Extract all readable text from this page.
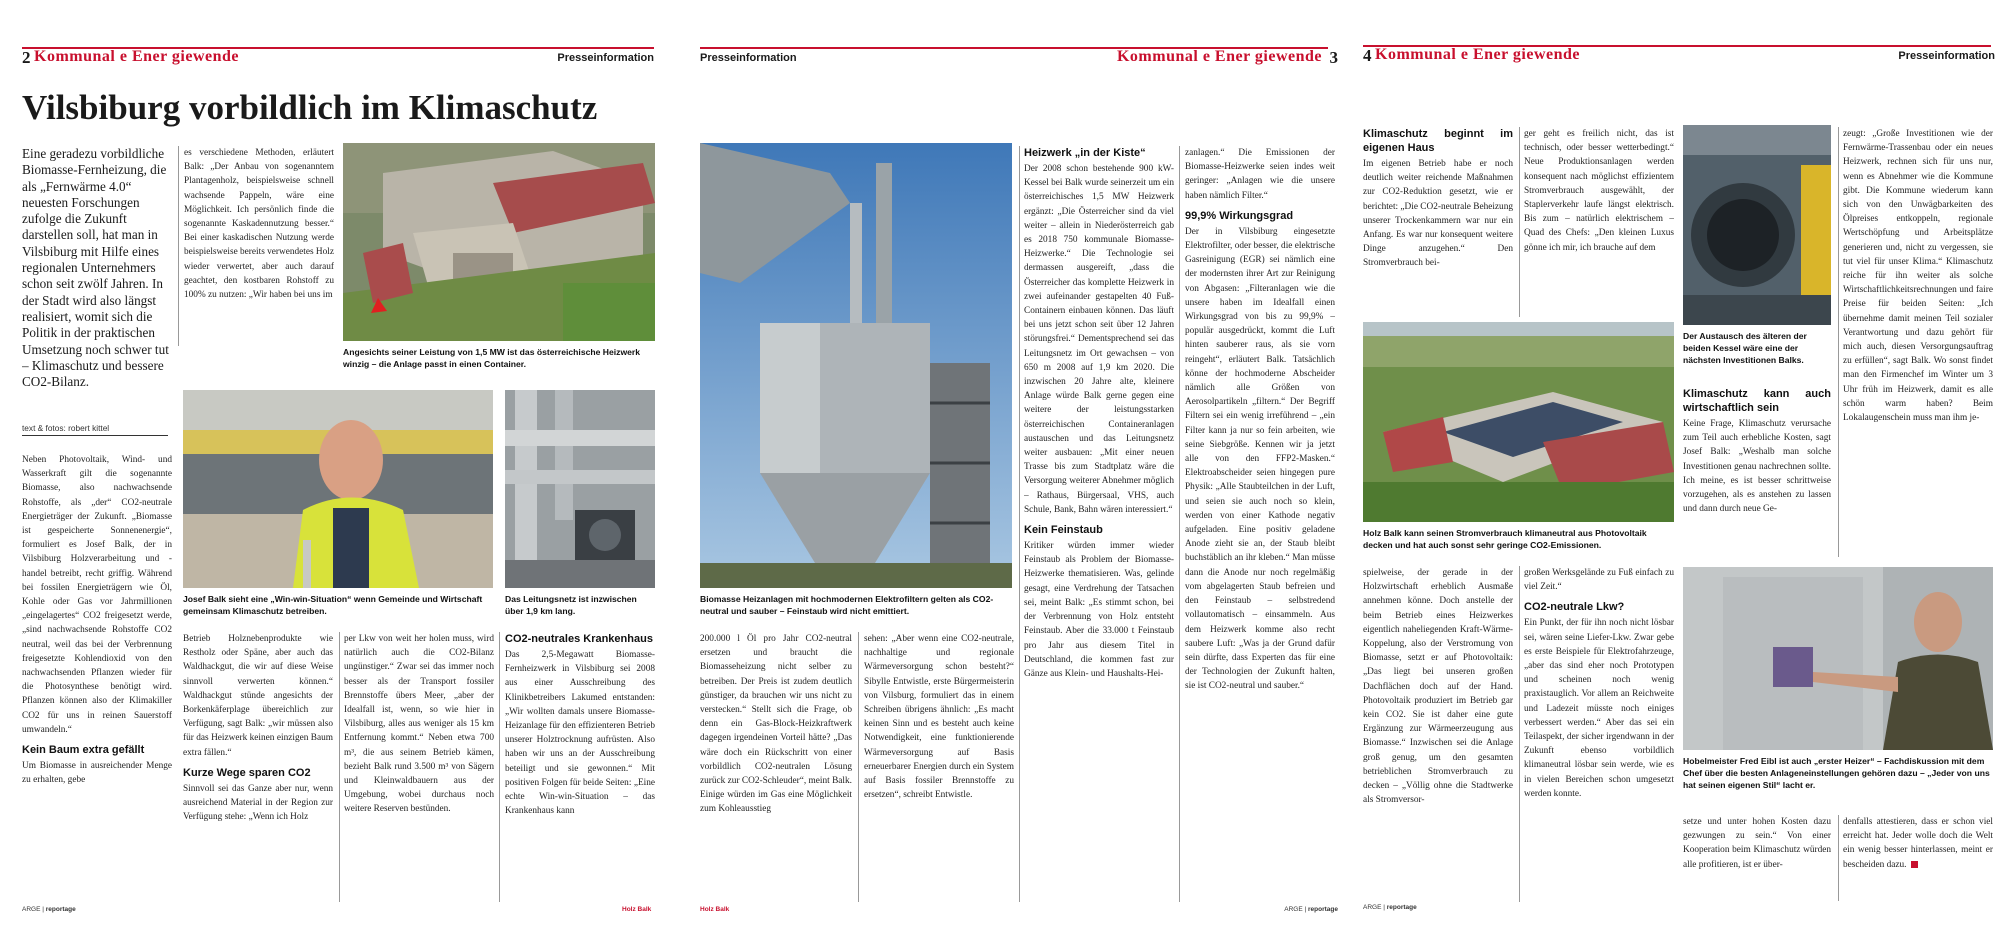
2 Kommunal e Ener giewende	Presseinformation
Vilsbiburg vorbildlich im Klimaschutz
Eine geradezu vorbildliche Biomasse-Fernheizung, die als „Fernwärme 4.0“ neuesten Forschungen zufolge die Zukunft darstellen soll, hat man in Vilsbiburg mit Hilfe eines regionalen Unternehmers schon seit zwölf Jahren. In der Stadt wird also längst realisiert, womit sich die Politik in der praktischen Umsetzung noch schwer tut – Klimaschutz und bessere CO2-Bilanz.
text & fotos: robert kittel

Neben Photovoltaik, Wind- und Wasserkraft gilt die sogenannte Biomasse, also nachwachsende Rohstoffe, als „der“ CO2-neutrale Energieträger der Zukunft. „Biomasse ist gespeicherte Sonnenenergie“, formuliert es Josef Balk, der in Vilsbiburg Holzverarbeitung und -handel betreibt, recht griffig. Während bei fossilen Energieträgern wie Öl, Kohle oder Gas vor Jahrmillionen „eingelagertes“ CO2 freigesetzt werde, „sind nachwachsende Rohstoffe CO2 neutral, weil das bei der Verbrennung freigesetzte Kohlendioxid von den nachwachsenden Pflanzen wieder für die Photosynthese benötigt wird. Pflanzen können also der Klimakiller CO2 für uns in reinen Sauerstoff umwandeln.“

Kein Baum extra gefällt

Um Biomasse in ausreichender Menge zu erhalten, gebe

es verschiedene Methoden, erläutert Balk: „Der Anbau von sogenanntem Plantagenholz, beispielsweise schnell wachsende Pappeln, wäre eine Möglichkeit. Ich persönlich finde die sogenannte Kaskadennutzung besser.“ Bei einer kaskadischen Nutzung werde beispielsweise bereits verwendetes Holz wieder verwertet, aber auch darauf geachtet, den kostbaren Rohstoff zu 100% zu nutzen: „Wir haben bei uns im

Angesichts seiner Leistung von 1,5 MW ist das österreichische Heizwerk winzig – die Anlage passt in einen Container.
Josef Balk sieht eine „Win-win-Situation“ wenn Gemeinde und Wirtschaft gemeinsam Klimaschutz betreiben.
Das Leitungsnetz ist inzwischen über 1,9 km lang.

Betrieb Holznebenprodukte wie Restholz oder Späne, aber auch das Waldhackgut, die wir auf diese Weise sinnvoll verwerten können.“ Waldhackgut stünde angesichts der Borkenkäferplage übereichlich zur Verfügung, sagt Balk: „wir müssen also für das Heizwerk keinen einzigen Baum extra fällen.“

Kurze Wege sparen CO2

Sinnvoll sei das Ganze aber nur, wenn ausreichend Material in der Region zur Verfügung stehe: „Wenn ich Holz

per Lkw von weit her holen muss, wird natürlich auch die CO2-Bilanz ungünstiger.“ Zwar sei das immer noch besser als der Transport fossiler Brennstoffe übers Meer, „aber der Idealfall ist, wenn, so wie hier in Vilsbiburg, alles aus weniger als 15 km Entfernung kommt.“ Neben etwa 700 m³, die aus seinem Betrieb kämen, bezieht Balk rund 3.500 m³ von Sägern und Kleinwaldbauern aus der Umgebung, wobei durchaus noch weitere Reserven bestünden.

CO2-neutrales Krankenhaus

Das 2,5-Megawatt Biomasse-Fernheizwerk in Vilsbiburg sei 2008 aus einer Ausschreibung des Klinikbetreibers Lakumed entstanden: „Wir wollten damals unsere Biomasse-Heizanlage für den effizienteren Betrieb unserer Holztrocknung aufrüsten. Also haben wir uns an der Ausschreibung beteiligt und sie gewonnen.“ Mit positiven Folgen für beide Seiten: „Eine echte Win-win-Situation – das Krankenhaus kann

ARGE | reportage
Presseinformation	Kommunal e Ener giewende 3
Biomasse Heizanlagen mit hochmodernen Elektrofiltern gelten als CO2-neutral und sauber – Feinstaub wird nicht emittiert.

200.000 l Öl pro Jahr CO2-neutral ersetzen und braucht die Biomasseheizung nicht selber zu betreiben. Der Preis ist zudem deutlich günstiger, da brauchen wir uns nicht zu verstecken.“ Stellt sich die Frage, ob denn ein Gas-Block-Heizkraftwerk dagegen irgendeinen Vorteil hätte? „Das wäre doch ein Rückschritt von einer vorbildlich CO2-neutralen Lösung zurück zur CO2-Schleuder“, meint Balk. Einige würden im Gas eine Möglichkeit zum Kohleausstieg

sehen: „Aber wenn eine CO2-neutrale, nachhaltige und regionale Wärmeversorgung schon besteht?“ Sibylle Entwistle, erste Bürgermeisterin von Vilsburg, formuliert das in einem Schreiben übrigens ähnlich: „Es macht keinen Sinn und es besteht auch keine Notwendigkeit, eine funktionierende Wärmeversorgung auf Basis erneuerbarer Energien durch ein System auf Basis fossiler Brennstoffe zu ersetzen“, schreibt Entwistle.

Heizwerk „in der Kiste“

Der 2008 schon bestehende 900 kW-Kessel bei Balk wurde seinerzeit um ein österreichisches 1,5 MW Heizwerk ergänzt: „Die Österreicher sind da viel weiter – allein in Niederösterreich gab es 2018 750 kommunale Biomasse-Heizwerke.“ Die Technologie sei dermassen ausgereift, „dass die Österreicher das komplette Heizwerk in zwei aufeinander gestapelten 40 Fuß-Containern einbauen können. Das läuft bei uns jetzt schon seit über 12 Jahren störungsfrei.“ Dementsprechend sei das Leitungsnetz im Ort gewachsen – von 650 m 2008 auf 1,9 km 2020. Die inzwischen 20 Jahre alte, kleinere Anlage würde Balk gerne gegen eine weitere der leistungsstarken österreichischen Containeranlagen austauschen und das Leitungsnetz weiter ausbauen: „Mit einer neuen Trasse bis zum Stadtplatz wäre die Versorgung weiterer Abnehmer möglich – Rathaus, Bürgersaal, VHS, auch Schule, Bank, Bahn wären interessiert.“

Kein Feinstaub

Kritiker würden immer wieder Feinstaub als Problem der Biomasse-Heizwerke thematisieren. Was, gelinde gesagt, eine Verdrehung der Tatsachen sei, meint Balk: „Es stimmt schon, bei der Verbrennung von Holz entsteht Feinstaub. Aber die 33.000 t Feinstaub pro Jahr aus diesem Titel in Deutschland, die kommen fast zur Gänze aus Klein- und Haushalts-Hei-

zanlagen.“ Die Emissionen der Biomasse-Heizwerke seien indes weit geringer: „Anlagen wie die unsere haben nämlich Filter.“

99,9% Wirkungsgrad

Der in Vilsbiburg eingesetzte Elektrofilter, oder besser, die elektrische Gasreinigung (EGR) sei nämlich eine der modernsten ihrer Art zur Reinigung von Abgasen: „Filteranlagen wie die unsere haben im Idealfall einen Wirkungsgrad von bis zu 99,9% – populär ausgedrückt, kommt die Luft hinten sauberer raus, als sie vorn reingeht“, erläutert Balk. Tatsächlich könne der hochmoderne Abscheider nämlich alle Größen von Aerosolpartikeln „filtern.“ Der Begriff Filtern sei ein wenig irreführend – „ein Filter kann ja nur so fein arbeiten, wie seine Siebgröße. Kennen wir ja jetzt alle von den FFP2-Masken.“ Elektroabscheider seien hingegen pure Physik: „Alle Staubteilchen in der Luft, und seien sie auch noch so klein, werden von einer Kathode negativ aufgeladen. Eine positiv geladene Anode zieht sie an, der Staub bleibt buchstäblich an ihr kleben.“ Man müsse dann die Anode nur noch regelmäßig vom abgelagerten Staub befreien und den Feinstaub – selbstredend vollautomatisch – einsammeln. Aus dem Heizwerk komme also recht saubere Luft: „Was ja der Grund dafür sein dürfte, dass Experten das für eine der Technologien der Zukunft halten, sie ist CO2-neutral und sauber.“

Holz Balk	ARGE | reportage
Holz Balk
4 Kommunal e Ener giewende	Presseinformation
Klimaschutz beginnt im eigenen Haus

Im eigenen Betrieb habe er noch deutlich weiter reichende Maßnahmen zur CO2-Reduktion gesetzt, wie er berichtet: „Die CO2-neutrale Beheizung unserer Trockenkammern war nur ein Anfang. Es war nur konsequent weitere Dinge anzugehen.“ Den Stromverbrauch bei-

ger geht es freilich nicht, das ist technisch, oder besser wetterbedingt.“ Neue Produktionsanlagen werden konsequent nach möglichst effizientem Stromverbrauch ausgewählt, der Staplerverkehr laufe längst elektrisch. Bis zum – natürlich elektrischem – Quad des Chefs: „Den kleinen Luxus gönne ich mir, ich brauche auf dem

Holz Balk kann seinen Stromverbrauch klimaneutral aus Photovoltaik decken und hat auch sonst sehr geringe CO2-Emissionen.

spielweise, der gerade in der Holzwirtschaft erheblich Ausmaße annehmen könne. Doch anstelle der beim Betrieb eines Heizwerkes eigentlich naheliegenden Kraft-Wärme-Koppelung, also der Verstromung von Biomasse, setzt er auf Photovoltaik: „Das liegt bei unseren großen Dachflächen doch auf der Hand. Photovoltaik produziert im Betrieb gar kein CO2. Sie ist daher eine gute Ergänzung zur Wärmeerzeugung aus Biomasse.“ Inzwischen sei die Anlage groß genug, um den gesamten betrieblichen Stromverbrauch zu decken – „Völlig ohne die Stadtwerke als Stromversor-

großen Werksgelände zu Fuß einfach zu viel Zeit.“

CO2-neutrale Lkw?

Ein Punkt, der für ihn noch nicht lösbar sei, wären seine Liefer-Lkw. Zwar gebe es erste Beispiele für Elektrofahrzeuge, „aber das sind eher noch Prototypen und scheinen noch wenig praxistauglich. Vor allem an Reichweite und Ladezeit müsste noch einiges verbessert werden.“ Aber das sei ein Teilaspekt, der sicher irgendwann in der Zukunft ebenso vorbildlich klimaneutral lösbar sein werde, wie es in vielen Bereichen schon umgesetzt werden konnte.

Der Austausch des älteren der beiden Kessel wäre eine der nächsten Investitionen Balks.
Klimaschutz kann auch wirtschaftlich sein

Keine Frage, Klimaschutz verursache zum Teil auch erhebliche Kosten, sagt Josef Balk: „Weshalb man solche Investitionen genau nachrechnen sollte. Ich meine, es ist besser schrittweise vorzugehen, als es anstehen zu lassen und dann durch neue Ge-

zeugt: „Große Investitionen wie der Fernwärme-Trassenbau oder ein neues Heizwerk, rechnen sich für uns nur, wenn es Abnehmer wie die Kommune gibt. Die Kommune wiederum kann sich von den Unwägbarkeiten des Ölpreises entkoppeln, regionale Wertschöpfung und Arbeitsplätze generieren und, nicht zu vergessen, sie tut viel für unser Klima.“ Klimaschutz reiche für ihn weiter als solche Wirtschaftlichkeitsrechnungen und faire Preise für beiden Seiten: „Ich übernehme damit meinen Teil sozialer Verantwortung und dazu gehört für mich auch, diesen Versorgungsauftrag zu erfüllen“, sagt Balk. Wo sonst findet man den Firmenchef im Winter um 3 Uhr früh im Heizwerk, damit es alle schön warm haben? Beim Lokalaugenschein muss man ihm je-

Hobelmeister Fred Eibl ist auch „erster Heizer“ – Fachdiskussion mit dem Chef über die besten Anlageneinstellungen gehören dazu – „Jeder von uns hat seinen eigenen Stil“ lacht er.

setze und unter hohen Kosten dazu gezwungen zu sein.“ Von einer Kooperation beim Klimaschutz würden alle profitieren, ist er über-

denfalls attestieren, dass er schon viel erreicht hat. Jeder wolle doch die Welt ein wenig besser hinterlassen, meint er bescheiden dazu.

ARGE | reportage
